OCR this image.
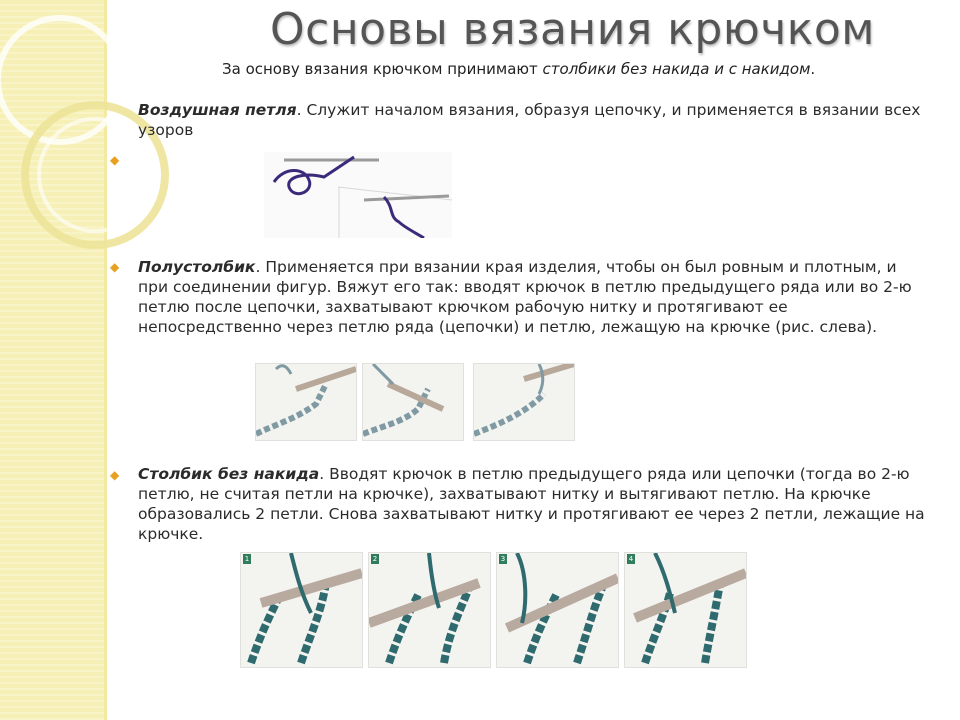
Основы вязания крючком
За основу вязания крючком принимают столбики без накида и с накидом.

Воздушная петля. Служит началом вязания, образуя цепочку, и применяется в вязании всех узоров

◆
◆ Полустолбик. Применяется при вязании края изделия, чтобы он был ровным и плотным, и при соединении фигур. Вяжут его так: вводят крючок в петлю предыдущего ряда или во 2-ю петлю после цепочки, захватывают крючком рабочую нитку и протягивают ее непосредственно через петлю ряда (цепочки) и петлю, лежащую на крючке (рис. слева).

◆ Столбик без накида. Вводят крючок в петлю предыдущего ряда или цепочки (тогда во 2-ю петлю, не считая петли на крючке), захватывают нитку и вытягивают петлю. На крючке образовались 2 петли. Снова захватывают нитку и протягивают ее через 2 петли, лежащие на крючке.

1	2	3	4
